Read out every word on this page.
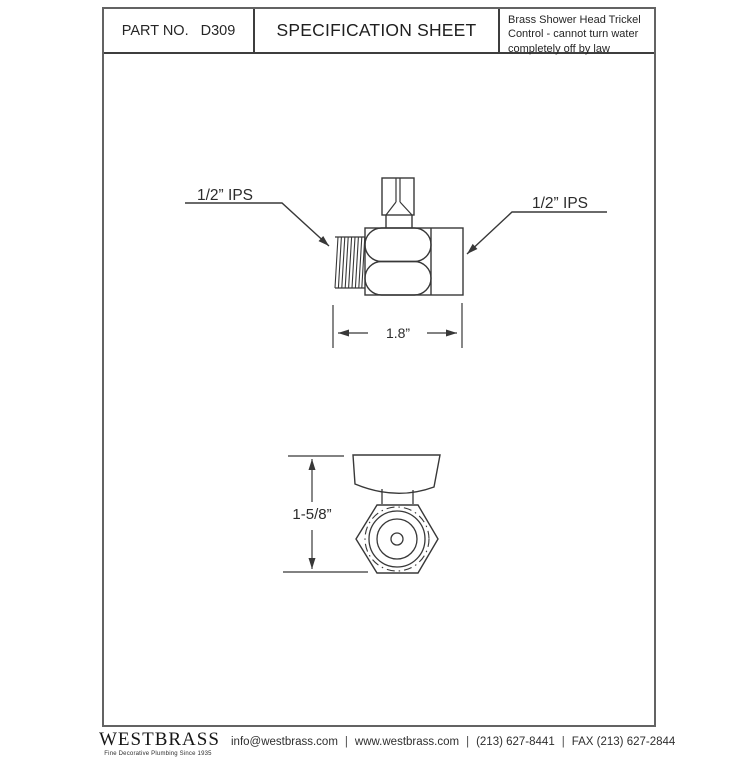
PART NO. D309	SPECIFICATION SHEET	Brass Shower Head Trickel Control - cannot turn water completely off by law
1/2” IPS	1/2” IPS
1.8”
1-5/8”
WESTBRASS
Fine Decorative Plumbing Since 1935
info@westbrass.com | www.westbrass.com | (213) 627-8441 | FAX (213) 627-2844
